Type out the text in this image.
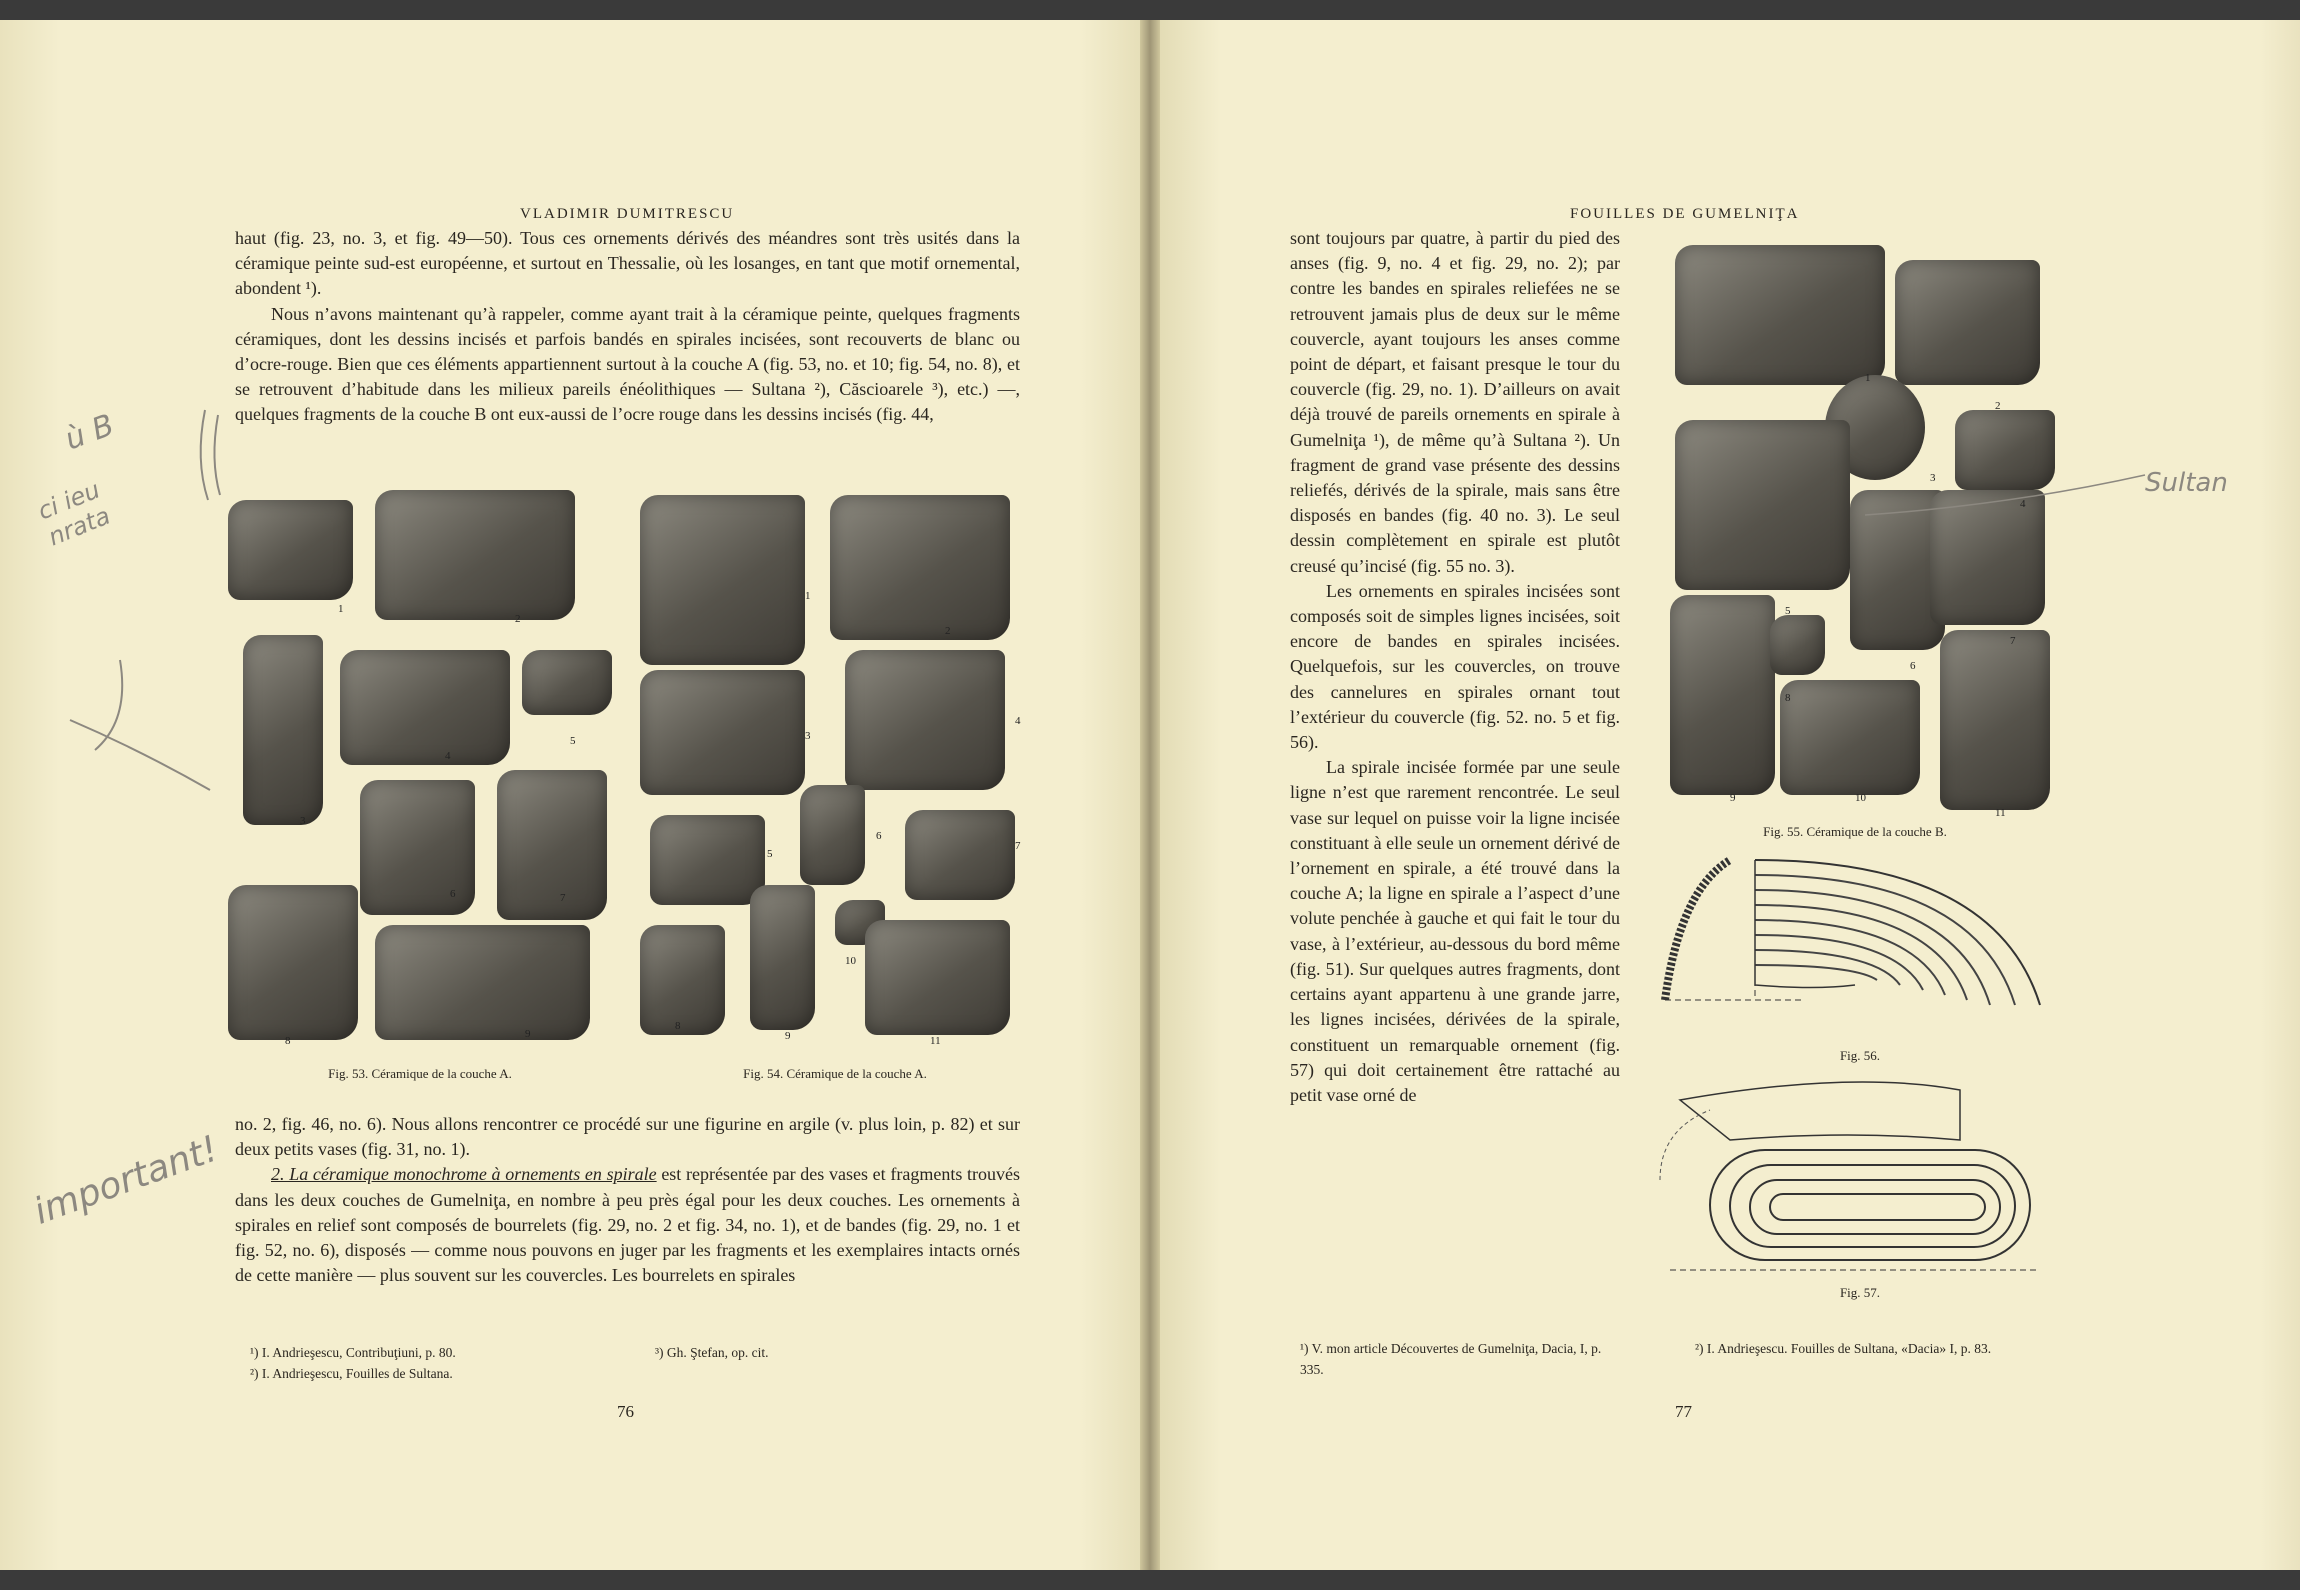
VLADIMIR DUMITRESCU

haut (fig. 23, no. 3, et fig. 49—50). Tous ces ornements dérivés des méandres sont très usités dans la céramique peinte sud-est européenne, et surtout en Thessalie, où les losanges, en tant que motif ornemental, abondent ¹).

Nous n’avons maintenant qu’à rappeler, comme ayant trait à la céramique peinte, quelques fragments céramiques, dont les dessins incisés et parfois bandés en spirales incisées, sont recouverts de blanc ou d’ocre-rouge. Bien que ces éléments appartiennent surtout à la couche A (fig. 53, no. et 10; fig. 54, no. 8), et se retrouvent d’habitude dans les milieux pareils énéolithiques — Sultana ²), Căscioarele ³), etc.) —, quelques fragments de la couche B ont eux-aussi de l’ocre rouge dans les dessins incisés (fig. 44,

1
2
3
4
5
6	7
8
9
Fig. 53. Céramique de la couche A.
1
2
3
4
5
6
7
8
9
10
11
Fig. 54. Céramique de la couche A.

no. 2, fig. 46, no. 6). Nous allons rencontrer ce procédé sur une figurine en argile (v. plus loin, p. 82) et sur deux petits vases (fig. 31, no. 1).

2. La céramique monochrome à ornements en spirale est représentée par des vases et fragments trouvés dans les deux couches de Gumelniţa, en nombre à peu près égal pour les deux couches. Les ornements à spirales en relief sont composés de bourrelets (fig. 29, no. 2 et fig. 34, no. 1), et de bandes (fig. 29, no. 1 et fig. 52, no. 6), disposés — comme nous pouvons en juger par les fragments et les exemplaires intacts ornés de cette manière — plus souvent sur les couvercles. Les bourrelets en spirales

¹) I. Andrieşescu, Contribuţiuni, p. 80.
²) I. Andrieşescu, Fouilles de Sultana.
³) Gh. Ştefan, op. cit.
76
ù B
ci ieu nrata
important!
FOUILLES DE GUMELNIŢA

sont toujours par quatre, à partir du pied des anses (fig. 9, no. 4 et fig. 29, no. 2); par contre les bandes en spirales reliefées ne se retrouvent jamais plus de deux sur le même couvercle, ayant toujours les anses comme point de départ, et faisant presque le tour du couvercle (fig. 29, no. 1). D’ailleurs on avait déjà trouvé de pareils ornements en spirale à Gumelniţa ¹), de même qu’à Sultana ²). Un fragment de grand vase présente des dessins reliefés, dérivés de la spirale, mais sans être disposés en bandes (fig. 40 no. 3). Le seul dessin complètement en spirale est plutôt creusé qu’incisé (fig. 55 no. 3).

Les ornements en spirales incisées sont composés soit de simples lignes incisées, soit encore de bandes en spirales incisées. Quelquefois, sur les couvercles, on trouve des cannelures en spirales ornant tout l’extérieur du couvercle (fig. 52. no. 5 et fig. 56).

La spirale incisée formée par une seule ligne n’est que rarement rencontrée. Le seul vase sur lequel on puisse voir la ligne incisée constituant à elle seule un ornement dérivé de l’ornement en spirale, a été trouvé dans la couche A; la ligne en spirale a l’aspect d’une volute penchée à gauche et qui fait le tour du vase, à l’extérieur, au-dessous du bord même (fig. 51). Sur quelques autres fragments, dont certains ayant appartenu à une grande jarre, les lignes incisées, dérivées de la spirale, constituent un remarquable ornement (fig. 57) qui doit certainement être rattaché au petit vase orné de

1
2
3
4
5
6
7
8
9	10
11
Fig. 55. Céramique de la couche B.
Fig. 56.
Fig. 57.
¹) V. mon article Découvertes de Gumelniţa, Dacia, I, p. 335.
²) I. Andrieşescu. Fouilles de Sultana, «Dacia» I, p. 83.
77
Sultan
